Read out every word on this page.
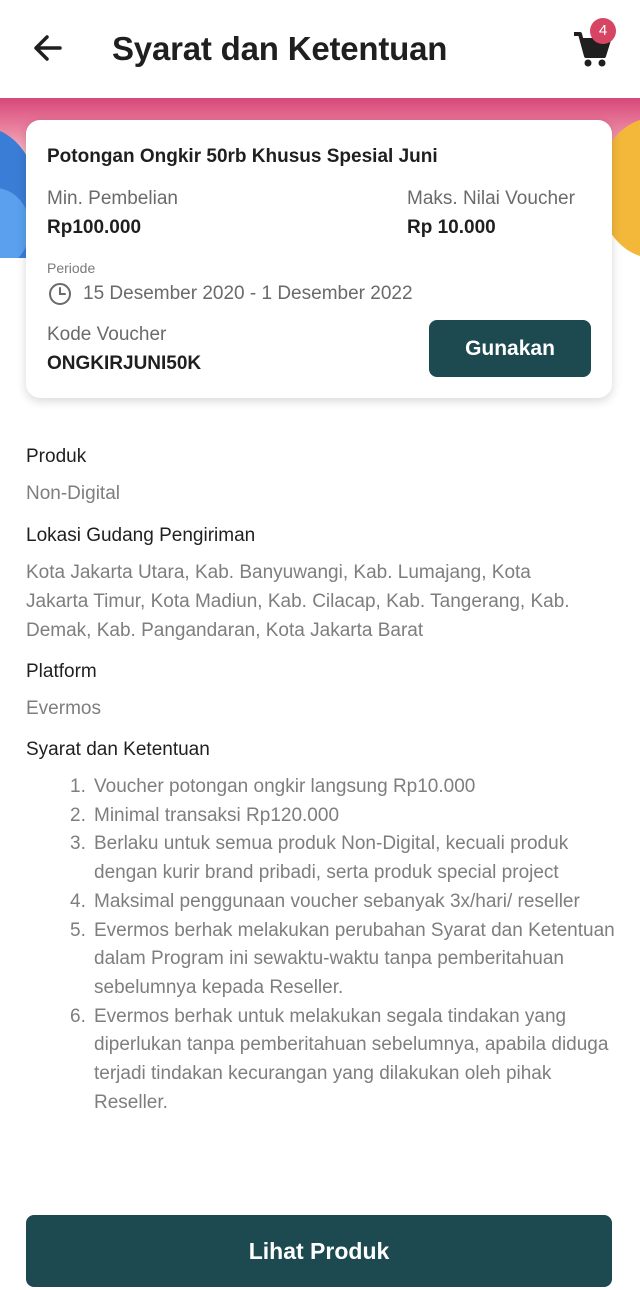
Syarat dan Ketentuan	4
Potongan Ongkir 50rb Khusus Spesial Juni
Min. Pembelian
Rp100.000
Maks. Nilai Voucher
Rp 10.000
Periode
15 Desember 2020 - 1 Desember 2022
Kode Voucher
ONGKIRJUNI50K
Gunakan
Produk
Non-Digital
Lokasi Gudang Pengiriman
Kota Jakarta Utara, Kab. Banyuwangi, Kab. Lumajang, Kota Jakarta Timur, Kota Madiun, Kab. Cilacap, Kab. Tangerang, Kab. Demak, Kab. Pangandaran, Kota Jakarta Barat
Platform
Evermos
Syarat dan Ketentuan
1. Voucher potongan ongkir langsung Rp10.000
2. Minimal transaksi Rp120.000
3. Berlaku untuk semua produk Non-Digital, kecuali produk dengan kurir brand pribadi, serta produk special project
4. Maksimal penggunaan voucher sebanyak 3x/hari/ reseller
5. Evermos berhak melakukan perubahan Syarat dan Ketentuan dalam Program ini sewaktu-waktu tanpa pemberitahuan sebelumnya kepada Reseller.
6. Evermos berhak untuk melakukan segala tindakan yang diperlukan tanpa pemberitahuan sebelumnya, apabila diduga terjadi tindakan kecurangan yang dilakukan oleh pihak Reseller.
Lihat Produk
